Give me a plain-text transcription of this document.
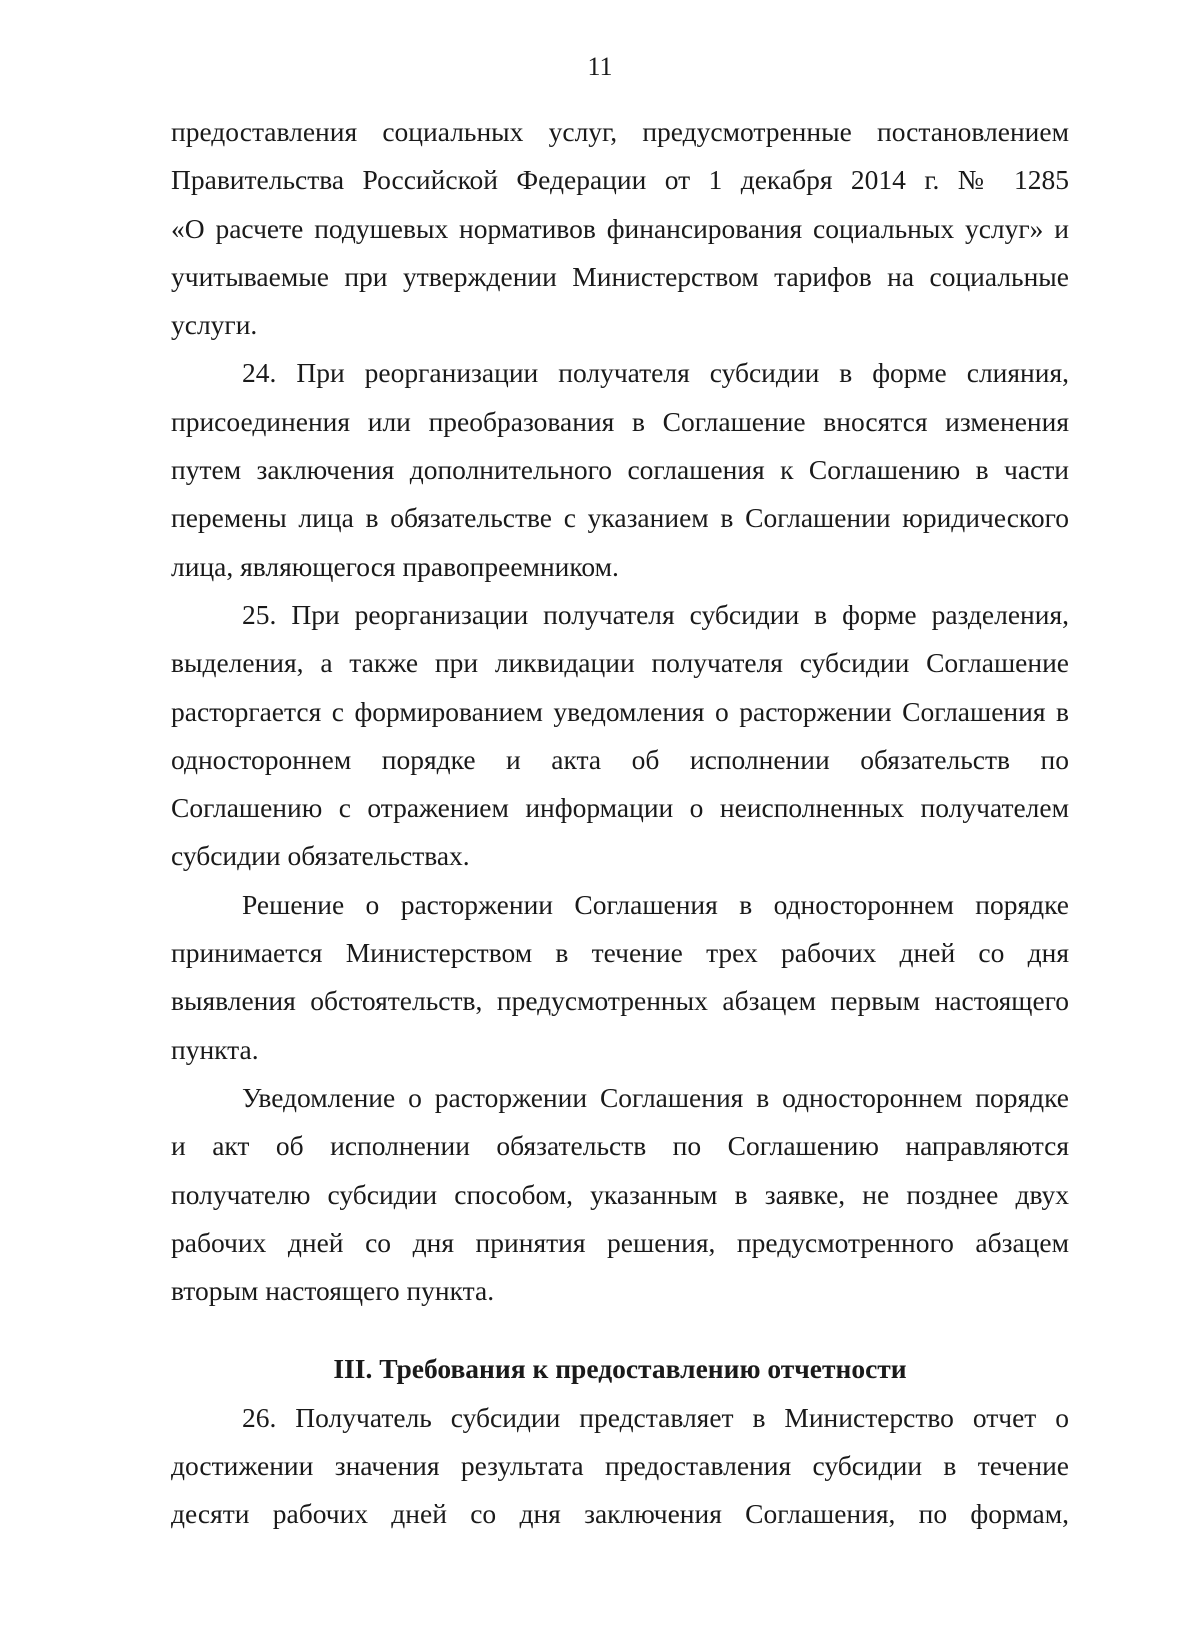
11
предоставления социальных услуг, предусмотренные постановлением
Правительства Российской Федерации от 1 декабря 2014 г. № 1285
«О расчете подушевых нормативов финансирования социальных услуг» и
учитываемые при утверждении Министерством тарифов на социальные
услуги.
24. При реорганизации получателя субсидии в форме слияния,
присоединения или преобразования в Соглашение вносятся изменения
путем заключения дополнительного соглашения к Соглашению в части
перемены лица в обязательстве с указанием в Соглашении юридического
лица, являющегося правопреемником.
25. При реорганизации получателя субсидии в форме разделения,
выделения, а также при ликвидации получателя субсидии Соглашение
расторгается с формированием уведомления о расторжении Соглашения в
одностороннем порядке и акта об исполнении обязательств по
Соглашению с отражением информации о неисполненных получателем
субсидии обязательствах.
Решение о расторжении Соглашения в одностороннем порядке
принимается Министерством в течение трех рабочих дней со дня
выявления обстоятельств, предусмотренных абзацем первым настоящего
пункта.
Уведомление о расторжении Соглашения в одностороннем порядке
и акт об исполнении обязательств по Соглашению направляются
получателю субсидии способом, указанным в заявке, не позднее двух
рабочих дней со дня принятия решения, предусмотренного абзацем
вторым настоящего пункта.
III. Требования к предоставлению отчетности
26. Получатель субсидии представляет в Министерство отчет о
достижении значения результата предоставления субсидии в течение
десяти рабочих дней со дня заключения Соглашения, по формам,
